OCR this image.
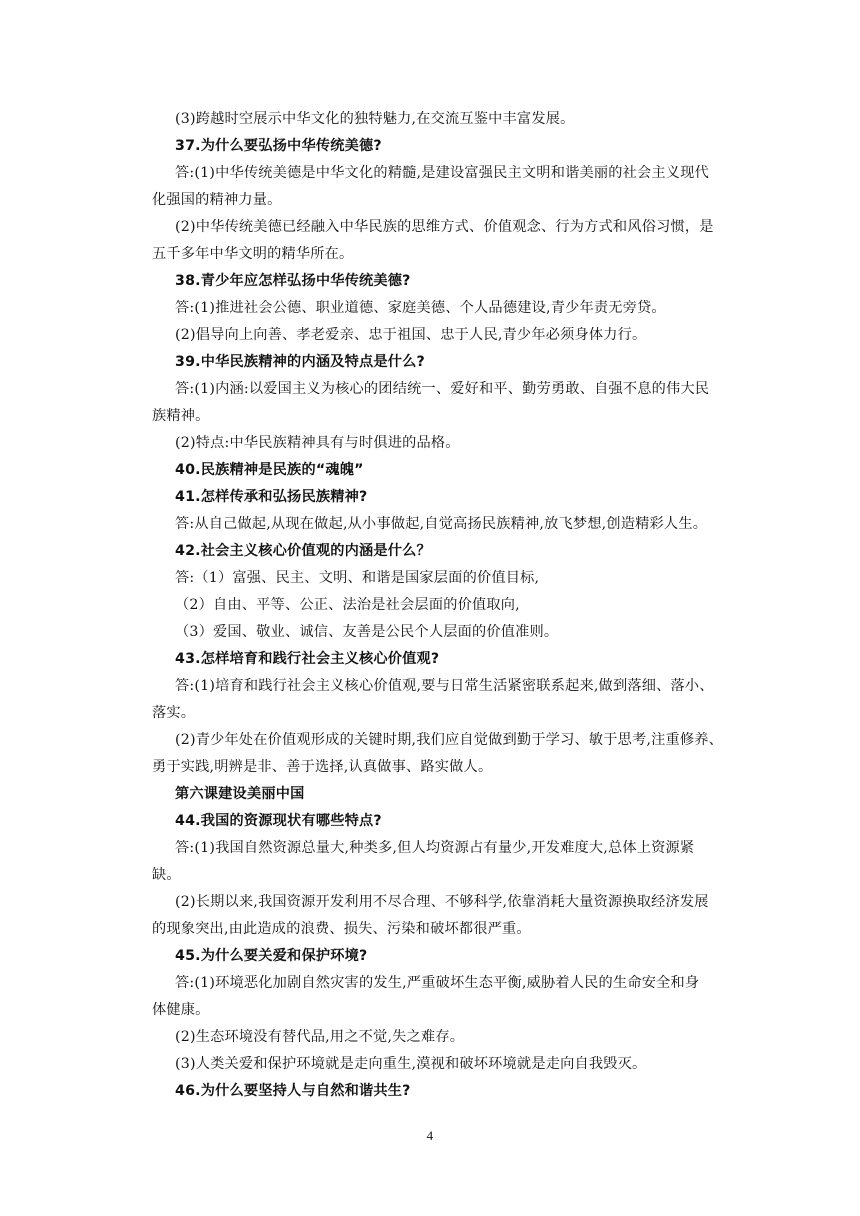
(3)跨越时空展示中华文化的独特魅力,在交流互鉴中丰富发展。
37.为什么要弘扬中华传统美德?
答:(1)中华传统美德是中华文化的精髓,是建设富强民主文明和谐美丽的社会主义现代
化强国的精神力量。
(2)中华传统美德已经融入中华民族的思维方式、价值观念、行为方式和风俗习惯，是
五千多年中华文明的精华所在。
38.青少年应怎样弘扬中华传统美德?
答:(1)推进社会公德、职业道德、家庭美德、个人品德建设,青少年责无旁贷。
(2)倡导向上向善、孝老爱亲、忠于祖国、忠于人民,青少年必须身体力行。
39.中华民族精神的内涵及特点是什么?
答:(1)内涵:以爱国主义为核心的团结统一、爱好和平、勤劳勇敢、自强不息的伟大民
族精神。
(2)特点:中华民族精神具有与时俱进的品格。
40.民族精神是民族的“魂魄”
41.怎样传承和弘扬民族精神?
答:从自己做起,从现在做起,从小事做起,自觉高扬民族精神,放飞梦想,创造精彩人生。
42.社会主义核心价值观的内涵是什么？
答:（1）富强、民主、文明、和谐是国家层面的价值目标,
（2）自由、平等、公正、法治是社会层面的价值取向,
（3）爱国、敬业、诚信、友善是公民个人层面的价值准则。
43.怎样培育和践行社会主义核心价值观?
答:(1)培育和践行社会主义核心价值观,要与日常生活紧密联系起来,做到落细、落小、
落实。
(2)青少年处在价值观形成的关键时期,我们应自觉做到勤于学习、敏于思考,注重修养、
勇于实践,明辨是非、善于选择,认真做事、路实做人。
第六课建设美丽中国
44.我国的资源现状有哪些特点?
答:(1)我国自然资源总量大,种类多,但人均资源占有量少,开发难度大,总体上资源紧
缺。
(2)长期以来,我国资源开发利用不尽合理、不够科学,依靠消耗大量资源换取经济发展
的现象突出,由此造成的浪费、损失、污染和破坏都很严重。
45.为什么要关爱和保护环境?
答:(1)环境恶化加剧自然灾害的发生,严重破坏生态平衡,威胁着人民的生命安全和身
体健康。
(2)生态环境没有替代品,用之不觉,失之难存。
(3)人类关爱和保护环境就是走向重生,漠视和破坏环境就是走向自我毁灭。
46.为什么要坚持人与自然和谐共生?
4
